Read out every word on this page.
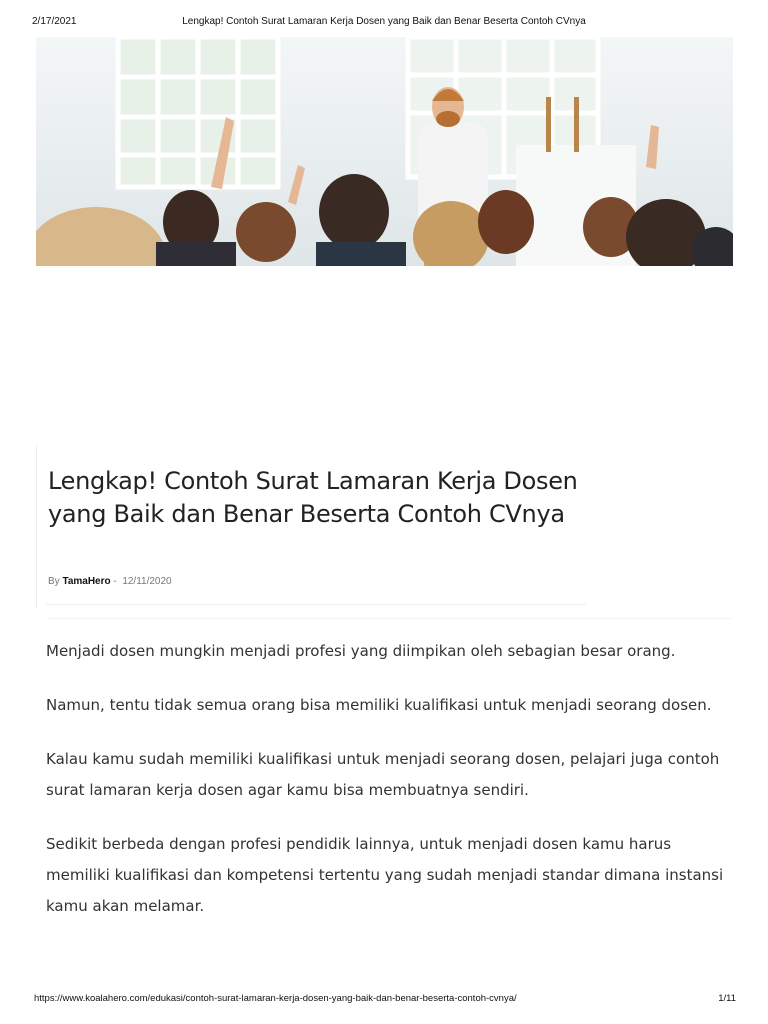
2/17/2021	Lengkap! Contoh Surat Lamaran Kerja Dosen yang Baik dan Benar Beserta Contoh CVnya
Lengkap! Contoh Surat Lamaran Kerja Dosen yang Baik dan Benar Beserta Contoh CVnya
By TamaHero - 12/11/2020

Menjadi dosen mungkin menjadi profesi yang diimpikan oleh sebagian besar orang.

Namun, tentu tidak semua orang bisa memiliki kualifikasi untuk menjadi seorang dosen.

Kalau kamu sudah memiliki kualifikasi untuk menjadi seorang dosen, pelajari juga contoh surat lamaran kerja dosen agar kamu bisa membuatnya sendiri.

Sedikit berbeda dengan profesi pendidik lainnya, untuk menjadi dosen kamu harus memiliki kualifikasi dan kompetensi tertentu yang sudah menjadi standar dimana instansi kamu akan melamar.

https://www.koalahero.com/edukasi/contoh-surat-lamaran-kerja-dosen-yang-baik-dan-benar-beserta-contoh-cvnya/	1/11
